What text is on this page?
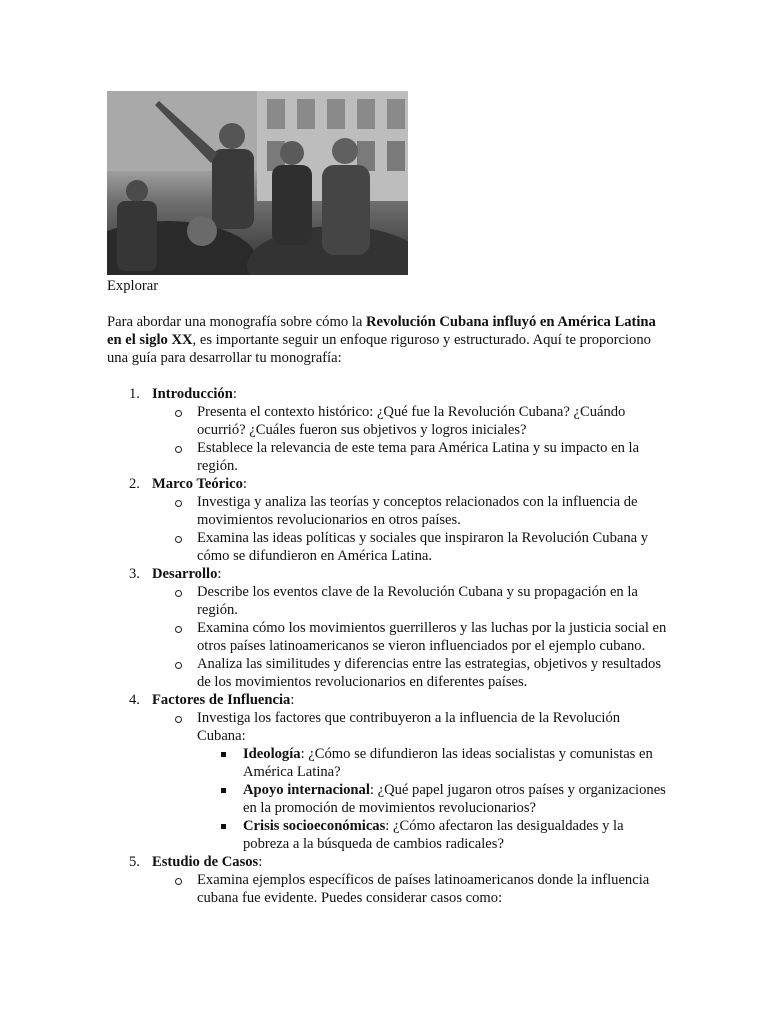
Explorar

Para abordar una monografía sobre cómo la Revolución Cubana influyó en América Latina en el siglo XX, es importante seguir un enfoque riguroso y estructurado. Aquí te proporciono una guía para desarrollar tu monografía:

1. Introducción:
Presenta el contexto histórico: ¿Qué fue la Revolución Cubana? ¿Cuándo ocurrió? ¿Cuáles fueron sus objetivos y logros iniciales?
Establece la relevancia de este tema para América Latina y su impacto en la región.
2. Marco Teórico:
Investiga y analiza las teorías y conceptos relacionados con la influencia de movimientos revolucionarios en otros países.
Examina las ideas políticas y sociales que inspiraron la Revolución Cubana y cómo se difundieron en América Latina.
3. Desarrollo:
Describe los eventos clave de la Revolución Cubana y su propagación en la región.
Examina cómo los movimientos guerrilleros y las luchas por la justicia social en otros países latinoamericanos se vieron influenciados por el ejemplo cubano.
Analiza las similitudes y diferencias entre las estrategias, objetivos y resultados de los movimientos revolucionarios en diferentes países.
4. Factores de Influencia:
Investiga los factores que contribuyeron a la influencia de la Revolución Cubana:
Ideología: ¿Cómo se difundieron las ideas socialistas y comunistas en América Latina?
Apoyo internacional: ¿Qué papel jugaron otros países y organizaciones en la promoción de movimientos revolucionarios?
Crisis socioeconómicas: ¿Cómo afectaron las desigualdades y la pobreza a la búsqueda de cambios radicales?
5. Estudio de Casos:
Examina ejemplos específicos de países latinoamericanos donde la influencia cubana fue evidente. Puedes considerar casos como:
